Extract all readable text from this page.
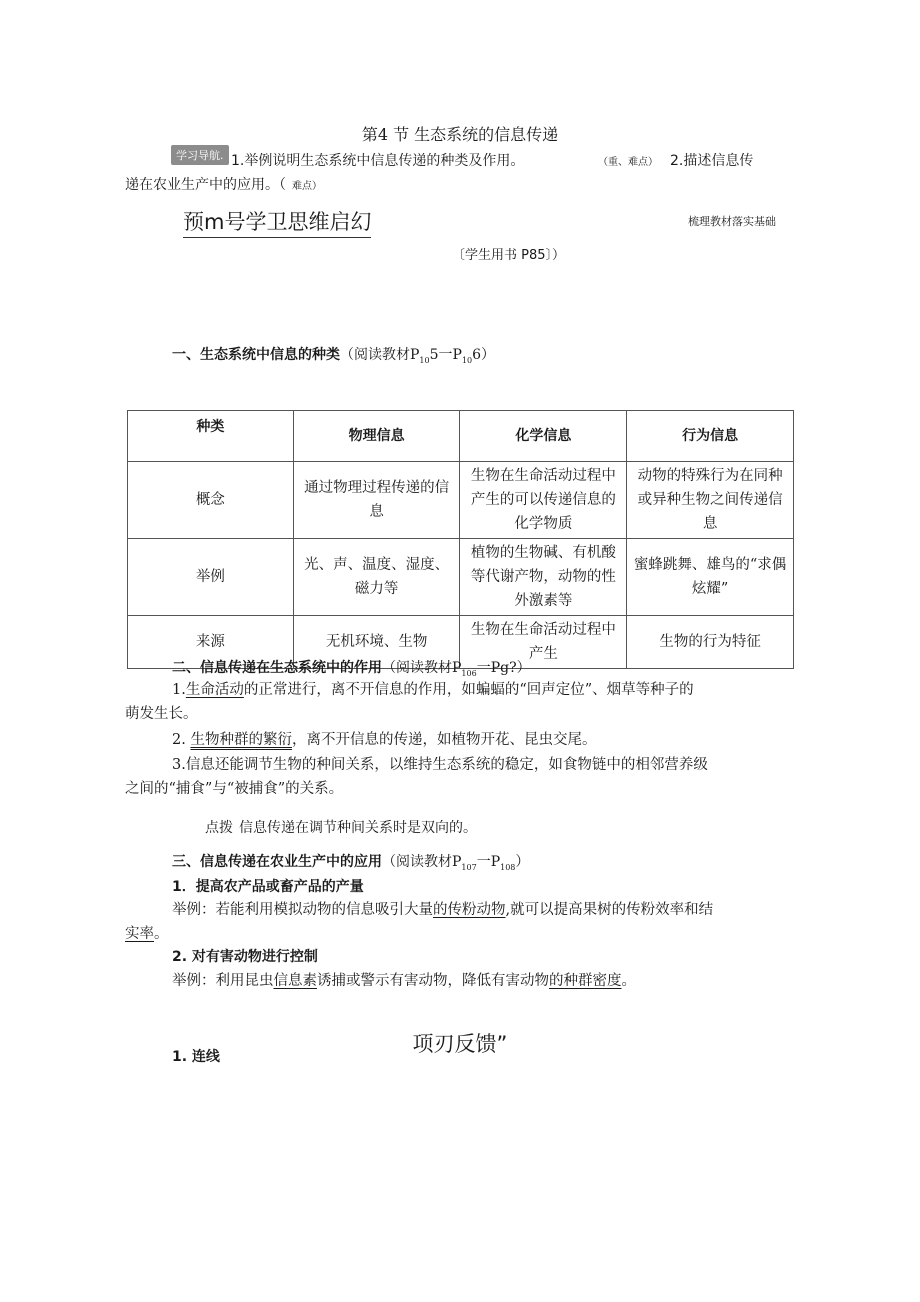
第4 节 生态系统的信息传递
学习导航. 1.举例说明生态系统中信息传递的种类及作用。	（重、难点） 2.描述信息传
递在农业生产中的应用。（ 难点）
预m号学卫思维启幻	梳理教材落实基础
〔学生用书 P85〕）
一、生态系统中信息的种类（阅读教材$P_{10}5$一$P_{10}6$）
种类	物理信息	化学信息	行为信息
概念	通过物理过程传递的信息	生物在生命活动过程中产生的可以传递信息的化学物质	动物的特殊行为在同种或异种生物之间传递信息
举例	光、声、温度、湿度、磁力等	植物的生物碱、有机酸等代谢产物，动物的性外激素等	蜜蜂跳舞、雄鸟的“求偶炫耀”
来源	无机环境、生物	生物在生命活动过程中产生	生物的行为特征
二、信息传递在生态系统中的作用（阅读教材$P_{106}$一Pg?）
1.生命活动的正常进行，离不开信息的作用，如蝙蝠的“回声定位”、烟草等种子的
萌发生长。
2. 生物种群的繁衍，离不开信息的传递，如植物开花、昆虫交尾。
3.信息还能调节生物的种间关系，以维持生态系统的稳定，如食物链中的相邻营养级
之间的“捕食”与“被捕食”的关系。
点拨 信息传递在调节种间关系时是双向的。
三、信息传递在农业生产中的应用（阅读教材$P_{107}$一$P_{108}$）
1．提高农产品或畜产品的产量
举例：若能利用模拟动物的信息吸引大量的传粉动物,就可以提高果树的传粉效率和结
实率。
2. 对有害动物进行控制
举例：利用昆虫信息素诱捕或警示有害动物，降低有害动物的种群密度。
项刃反馈”
1. 连线
